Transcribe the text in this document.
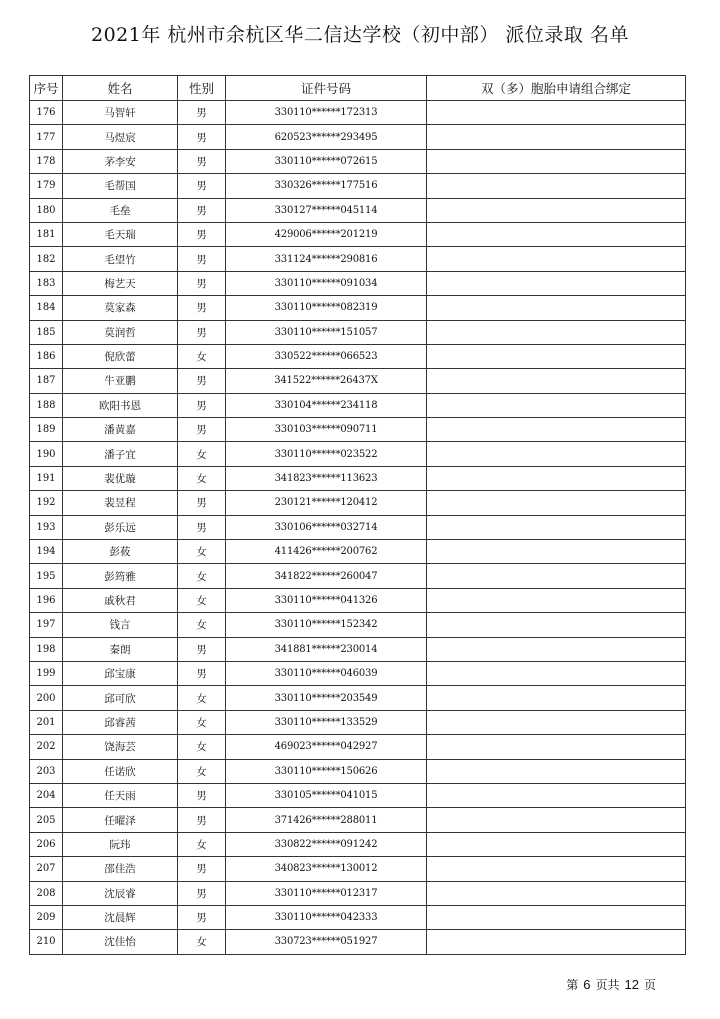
2021年 杭州市余杭区华二信达学校（初中部） 派位录取 名单
序号	姓名	性别	证件号码	双（多）胞胎申请组合绑定
176	马智轩	男	330110******172313	
177	马煜宸	男	620523******293495	
178	茅李安	男	330110******072615	
179	毛帮国	男	330326******177516	
180	毛垒	男	330127******045114	
181	毛天瑞	男	429006******201219	
182	毛望竹	男	331124******290816	
183	梅艺天	男	330110******091034	
184	莫家森	男	330110******082319	
185	莫润哲	男	330110******151057	
186	倪欣蕾	女	330522******066523	
187	牛亚鹏	男	341522******26437X	
188	欧阳书恩	男	330104******234118	
189	潘黄嘉	男	330103******090711	
190	潘子宜	女	330110******023522	
191	裴优璇	女	341823******113623	
192	裴昱程	男	230121******120412	
193	彭乐远	男	330106******032714	
194	彭莜	女	411426******200762	
195	彭筠雅	女	341822******260047	
196	戚秋君	女	330110******041326	
197	钱言	女	330110******152342	
198	秦朗	男	341881******230014	
199	邱宝康	男	330110******046039	
200	邱可欣	女	330110******203549	
201	邱睿茜	女	330110******133529	
202	饶海芸	女	469023******042927	
203	任诺欣	女	330110******150626	
204	任天雨	男	330105******041015	
205	任曜泽	男	371426******288011	
206	阮玮	女	330822******091242	
207	邵佳浩	男	340823******130012	
208	沈辰睿	男	330110******012317	
209	沈晨辉	男	330110******042333	
210	沈佳怡	女	330723******051927	
第 6 页共 12 页
